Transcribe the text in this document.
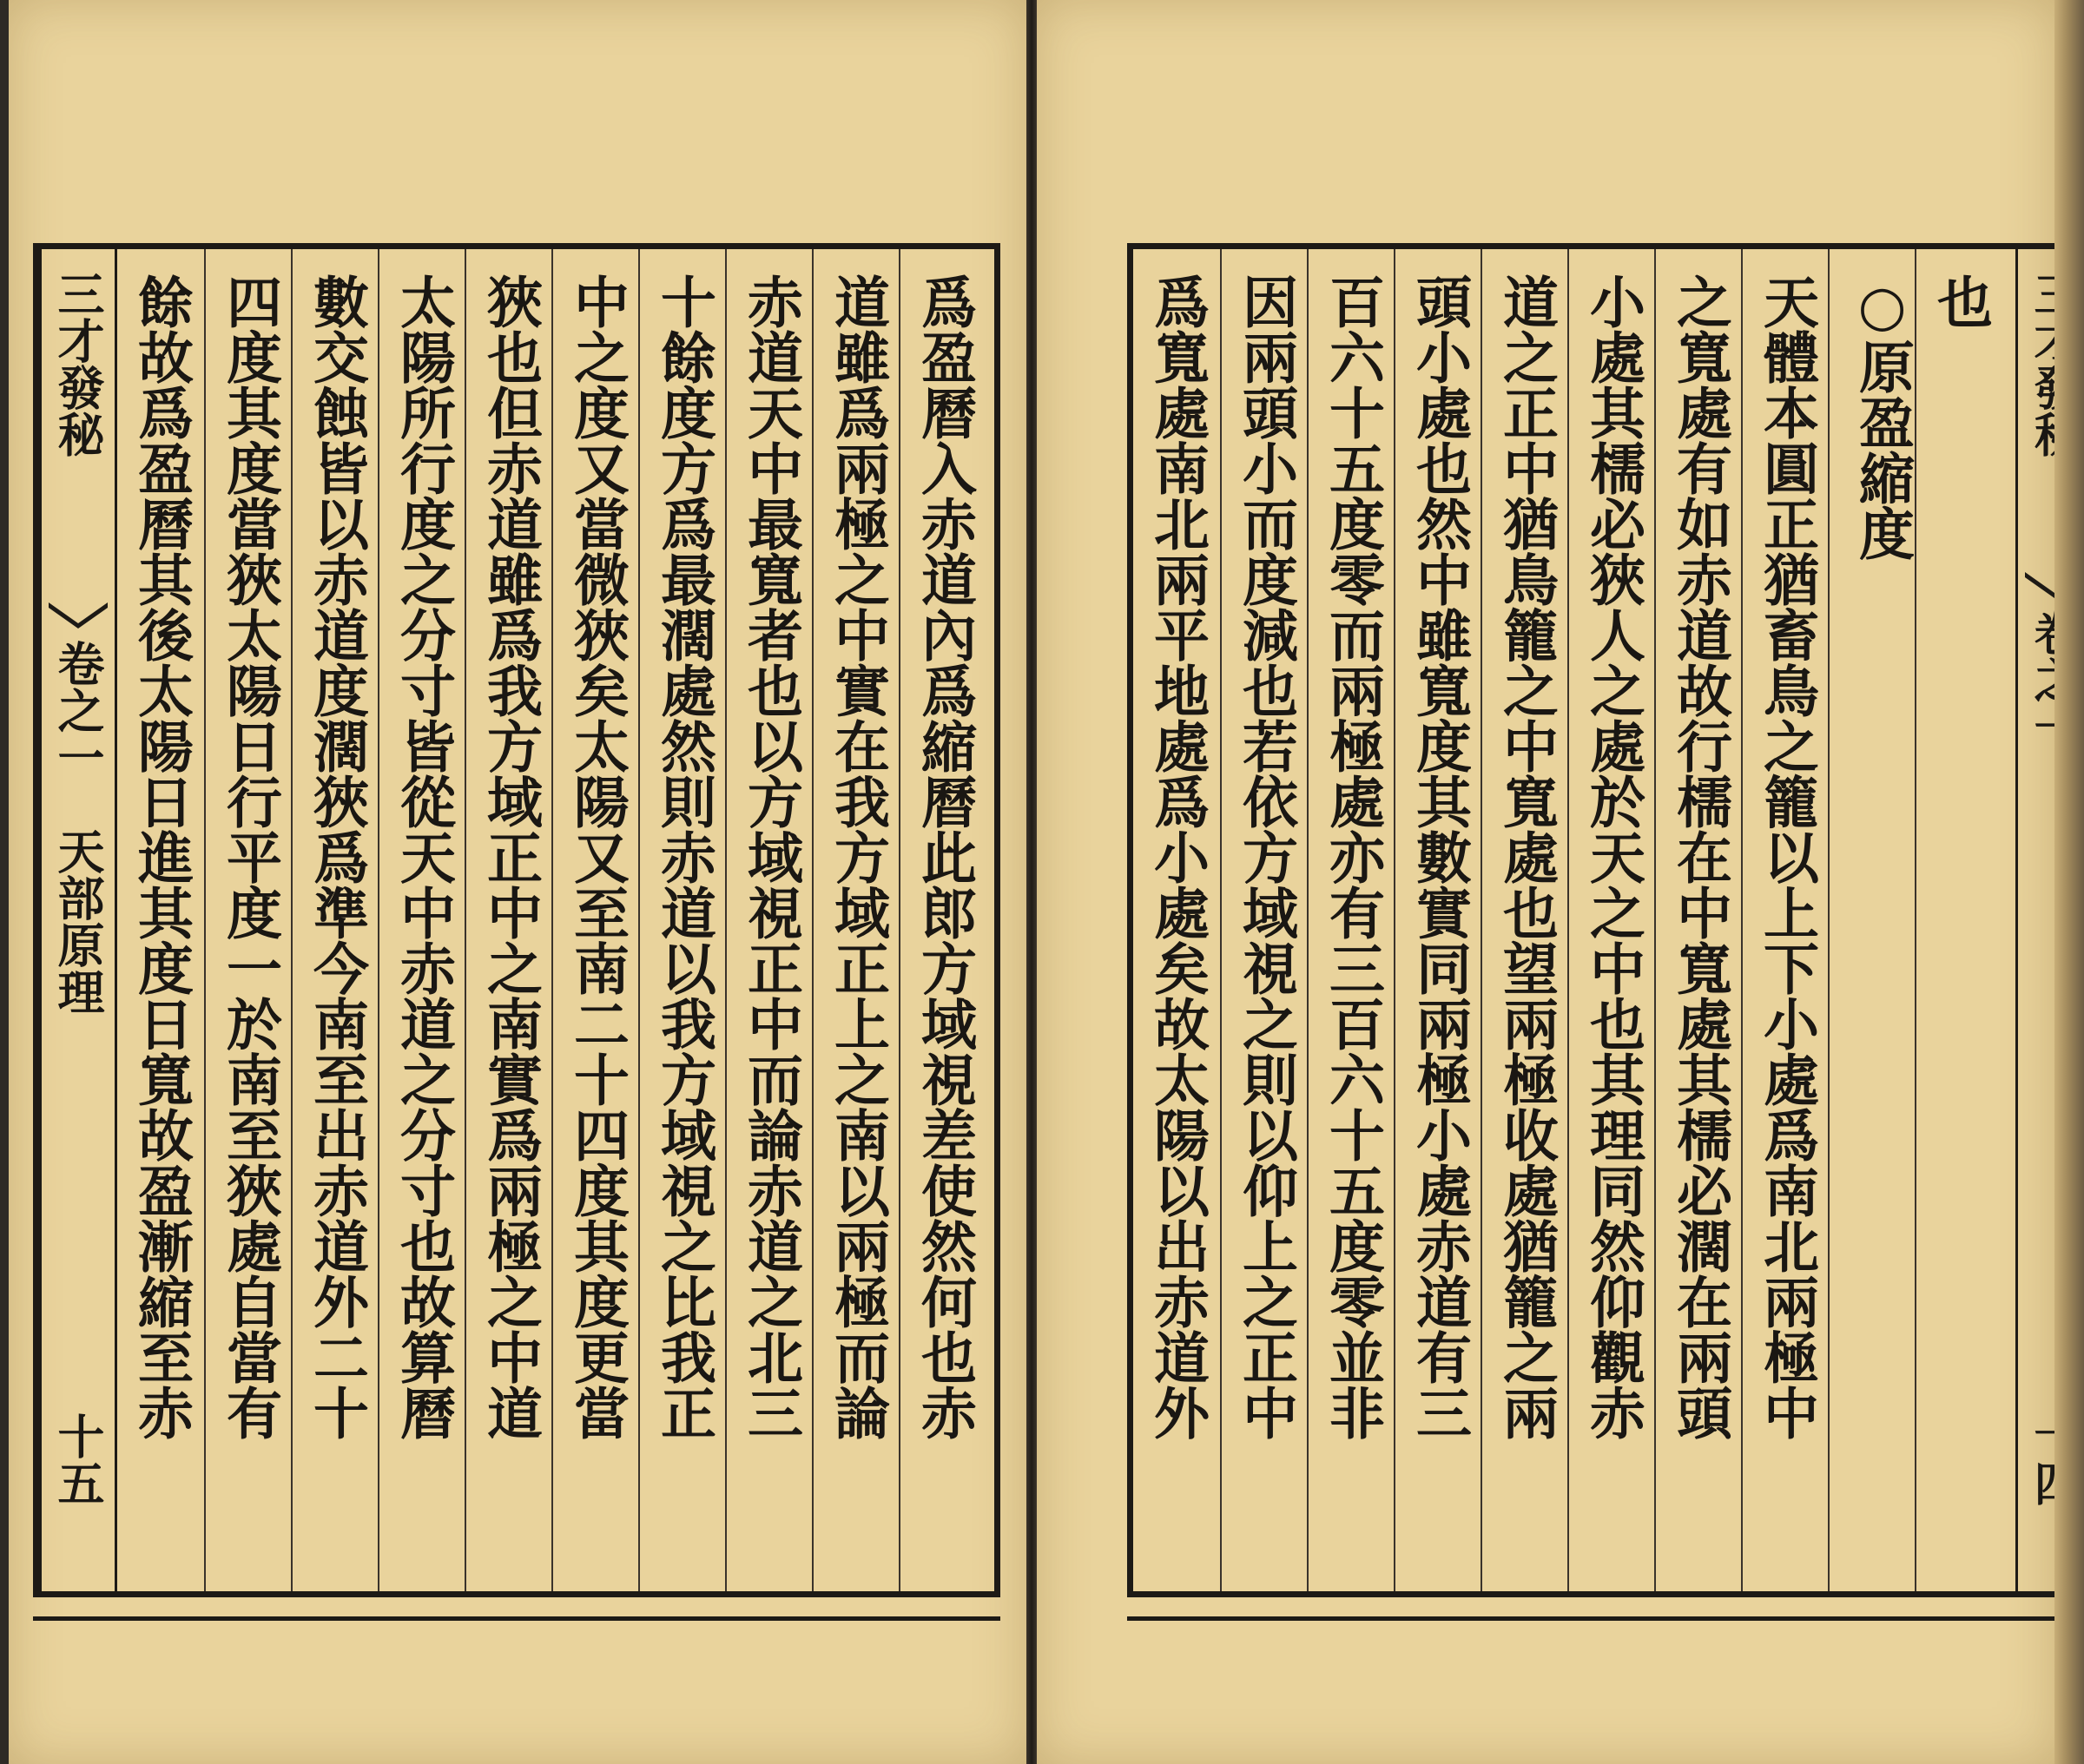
三才發秘
卷之一　天部原理
十五
餘故爲盈曆其後太陽日進其度日寬故盈漸縮至赤 四度其度當狹太陽日行平度一於南至狹處自當有 數交蝕皆以赤道度濶狹爲準今南至出赤道外二十 太陽所行度之分寸皆從天中赤道之分寸也故算曆 狹也但赤道雖爲我方域正中之南實爲兩極之中道 中之度又當微狹矣太陽又至南二十四度其度更當 十餘度方爲最濶處然則赤道以我方域視之比我正 赤道天中最寬者也以方域視正中而論赤道之北三 道雖爲兩極之中實在我方域正上之南以兩極而論 爲盈曆入赤道內爲縮曆此郎方域視差使然何也赤	爲寬處南北兩平地處爲小處矣故太陽以出赤道外 因兩頭小而度減也若依方域視之則以仰上之正中 百六十五度零而兩極處亦有三百六十五度零並非 頭小處也然中雖寬度其數實同兩極小處赤道有三 道之正中猶鳥籠之中寬處也望兩極收處猶籠之兩 小處其檽必狹人之處於天之中也其理同然仰觀赤 之寬處有如赤道故行檽在中寬處其檽必濶在兩頭 天體本圓正猶畜鳥之籠以上下小處爲南北兩極中 ○原盈縮度 也
